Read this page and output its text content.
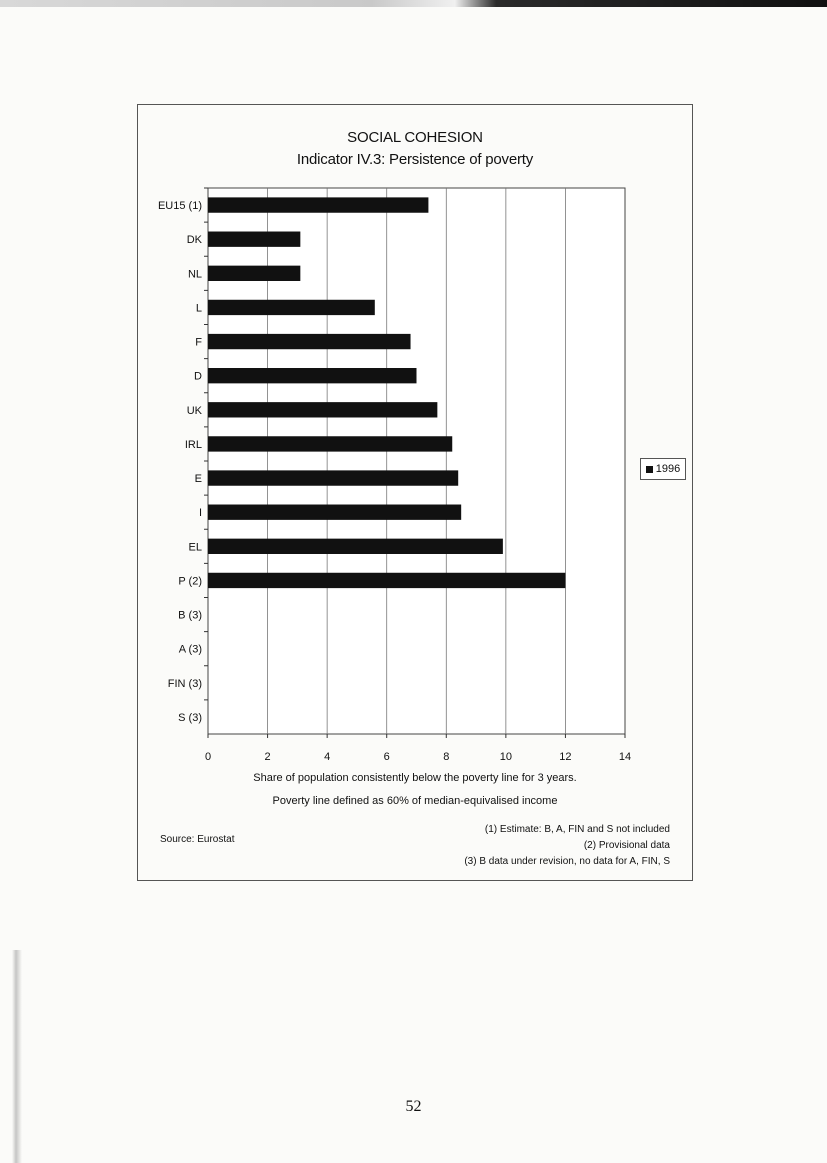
SOCIAL COHESION
Indicator IV.3: Persistence of poverty
EU15 (1)
DK
NL
L
F
D
UK
IRL
E
I
EL
P (2)
B (3)
A (3)
FIN (3)
S (3)
0	2	4	6	8	10	12	14
1996
Share of population consistently below the poverty line for 3 years.
Poverty line defined as 60% of median-equivalised income
Source: Eurostat
(1) Estimate: B, A, FIN and S not included
(2) Provisional data
(3) B data under revision, no data for A, FIN, S
52
